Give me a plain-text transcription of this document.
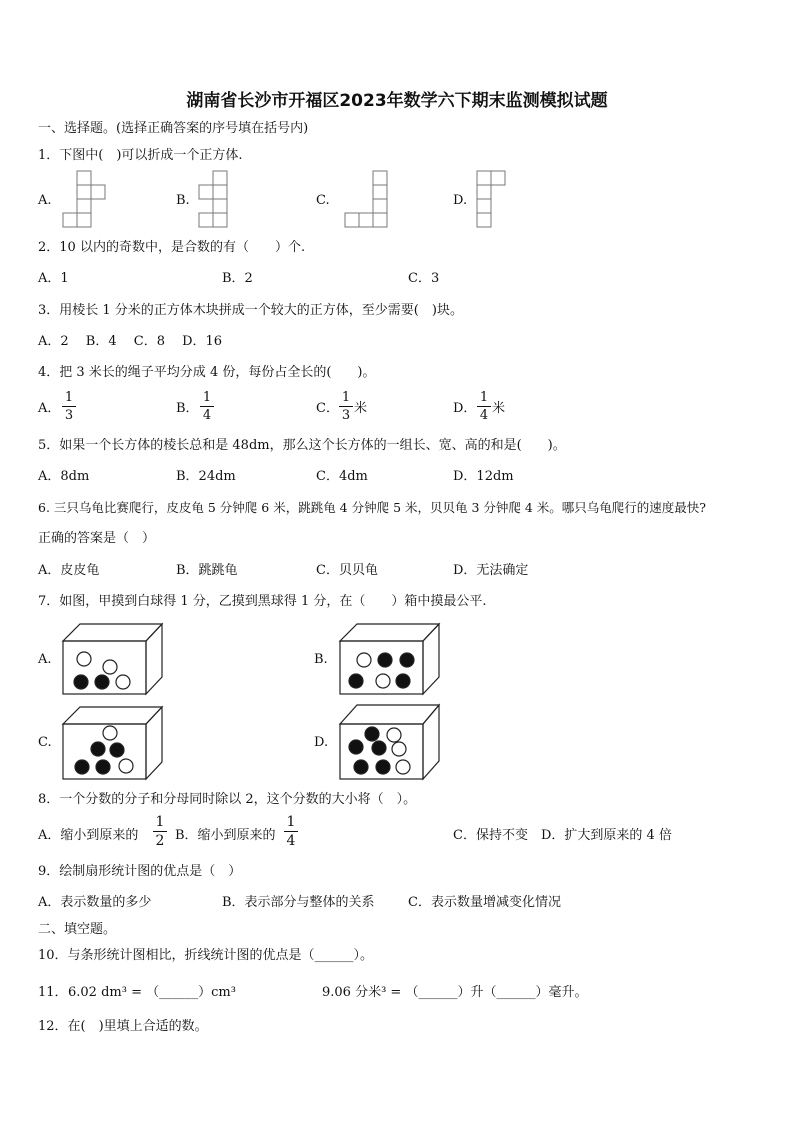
湖南省长沙市开福区2023年数学六下期末监测模拟试题
一、选择题。(选择正确答案的序号填在括号内)
1．下图中(　)可以折成一个正方体.
A.	B.	C.	D.
2．10 以内的奇数中，是合数的有（　　）个.
A．1	B．2	C．3
3．用棱长 1 分米的正方体木块拼成一个较大的正方体，至少需要(　)块。
A．2　 B．4　 C．8　 D．16
4．把 3 米长的绳子平均分成 4 份，每份占全长的(　　)。
A．
1
3	B．
1
4	C．
1
3 米	D．
1
4 米
5．如果一个长方体的棱长总和是 48dm，那么这个长方体的一组长、宽、高的和是(　　)。
A．8dm	B．24dm	C．4dm	D．12dm
6. 三只乌龟比赛爬行，皮皮龟 5 分钟爬 6 米，跳跳龟 4 分钟爬 5 米，贝贝龟 3 分钟爬 4 米。哪只乌龟爬行的速度最快?
正确的答案是（　）
A．皮皮龟	B．跳跳龟	C．贝贝龟	D．无法确定
7．如图，甲摸到白球得 1 分，乙摸到黑球得 1 分，在（　　）箱中摸最公平.
A.	B.
C.	D.
8．一个分数的分子和分母同时除以 2，这个分数的大小将（　）。
A．缩小到原来的
1
2 B．缩小到原来的
1
4	C．保持不变　D．扩大到原来的 4 倍
9．绘制扇形统计图的优点是（　）
A．表示数量的多少	B．表示部分与整体的关系	C．表示数量增减变化情况
二、填空题。
10．与条形统计图相比，折线统计图的优点是（______）。
11． 6.02 dm³ = （______）cm³	9.06 分米³ = （______）升（______）毫升。
12．在(　)里填上合适的数。
